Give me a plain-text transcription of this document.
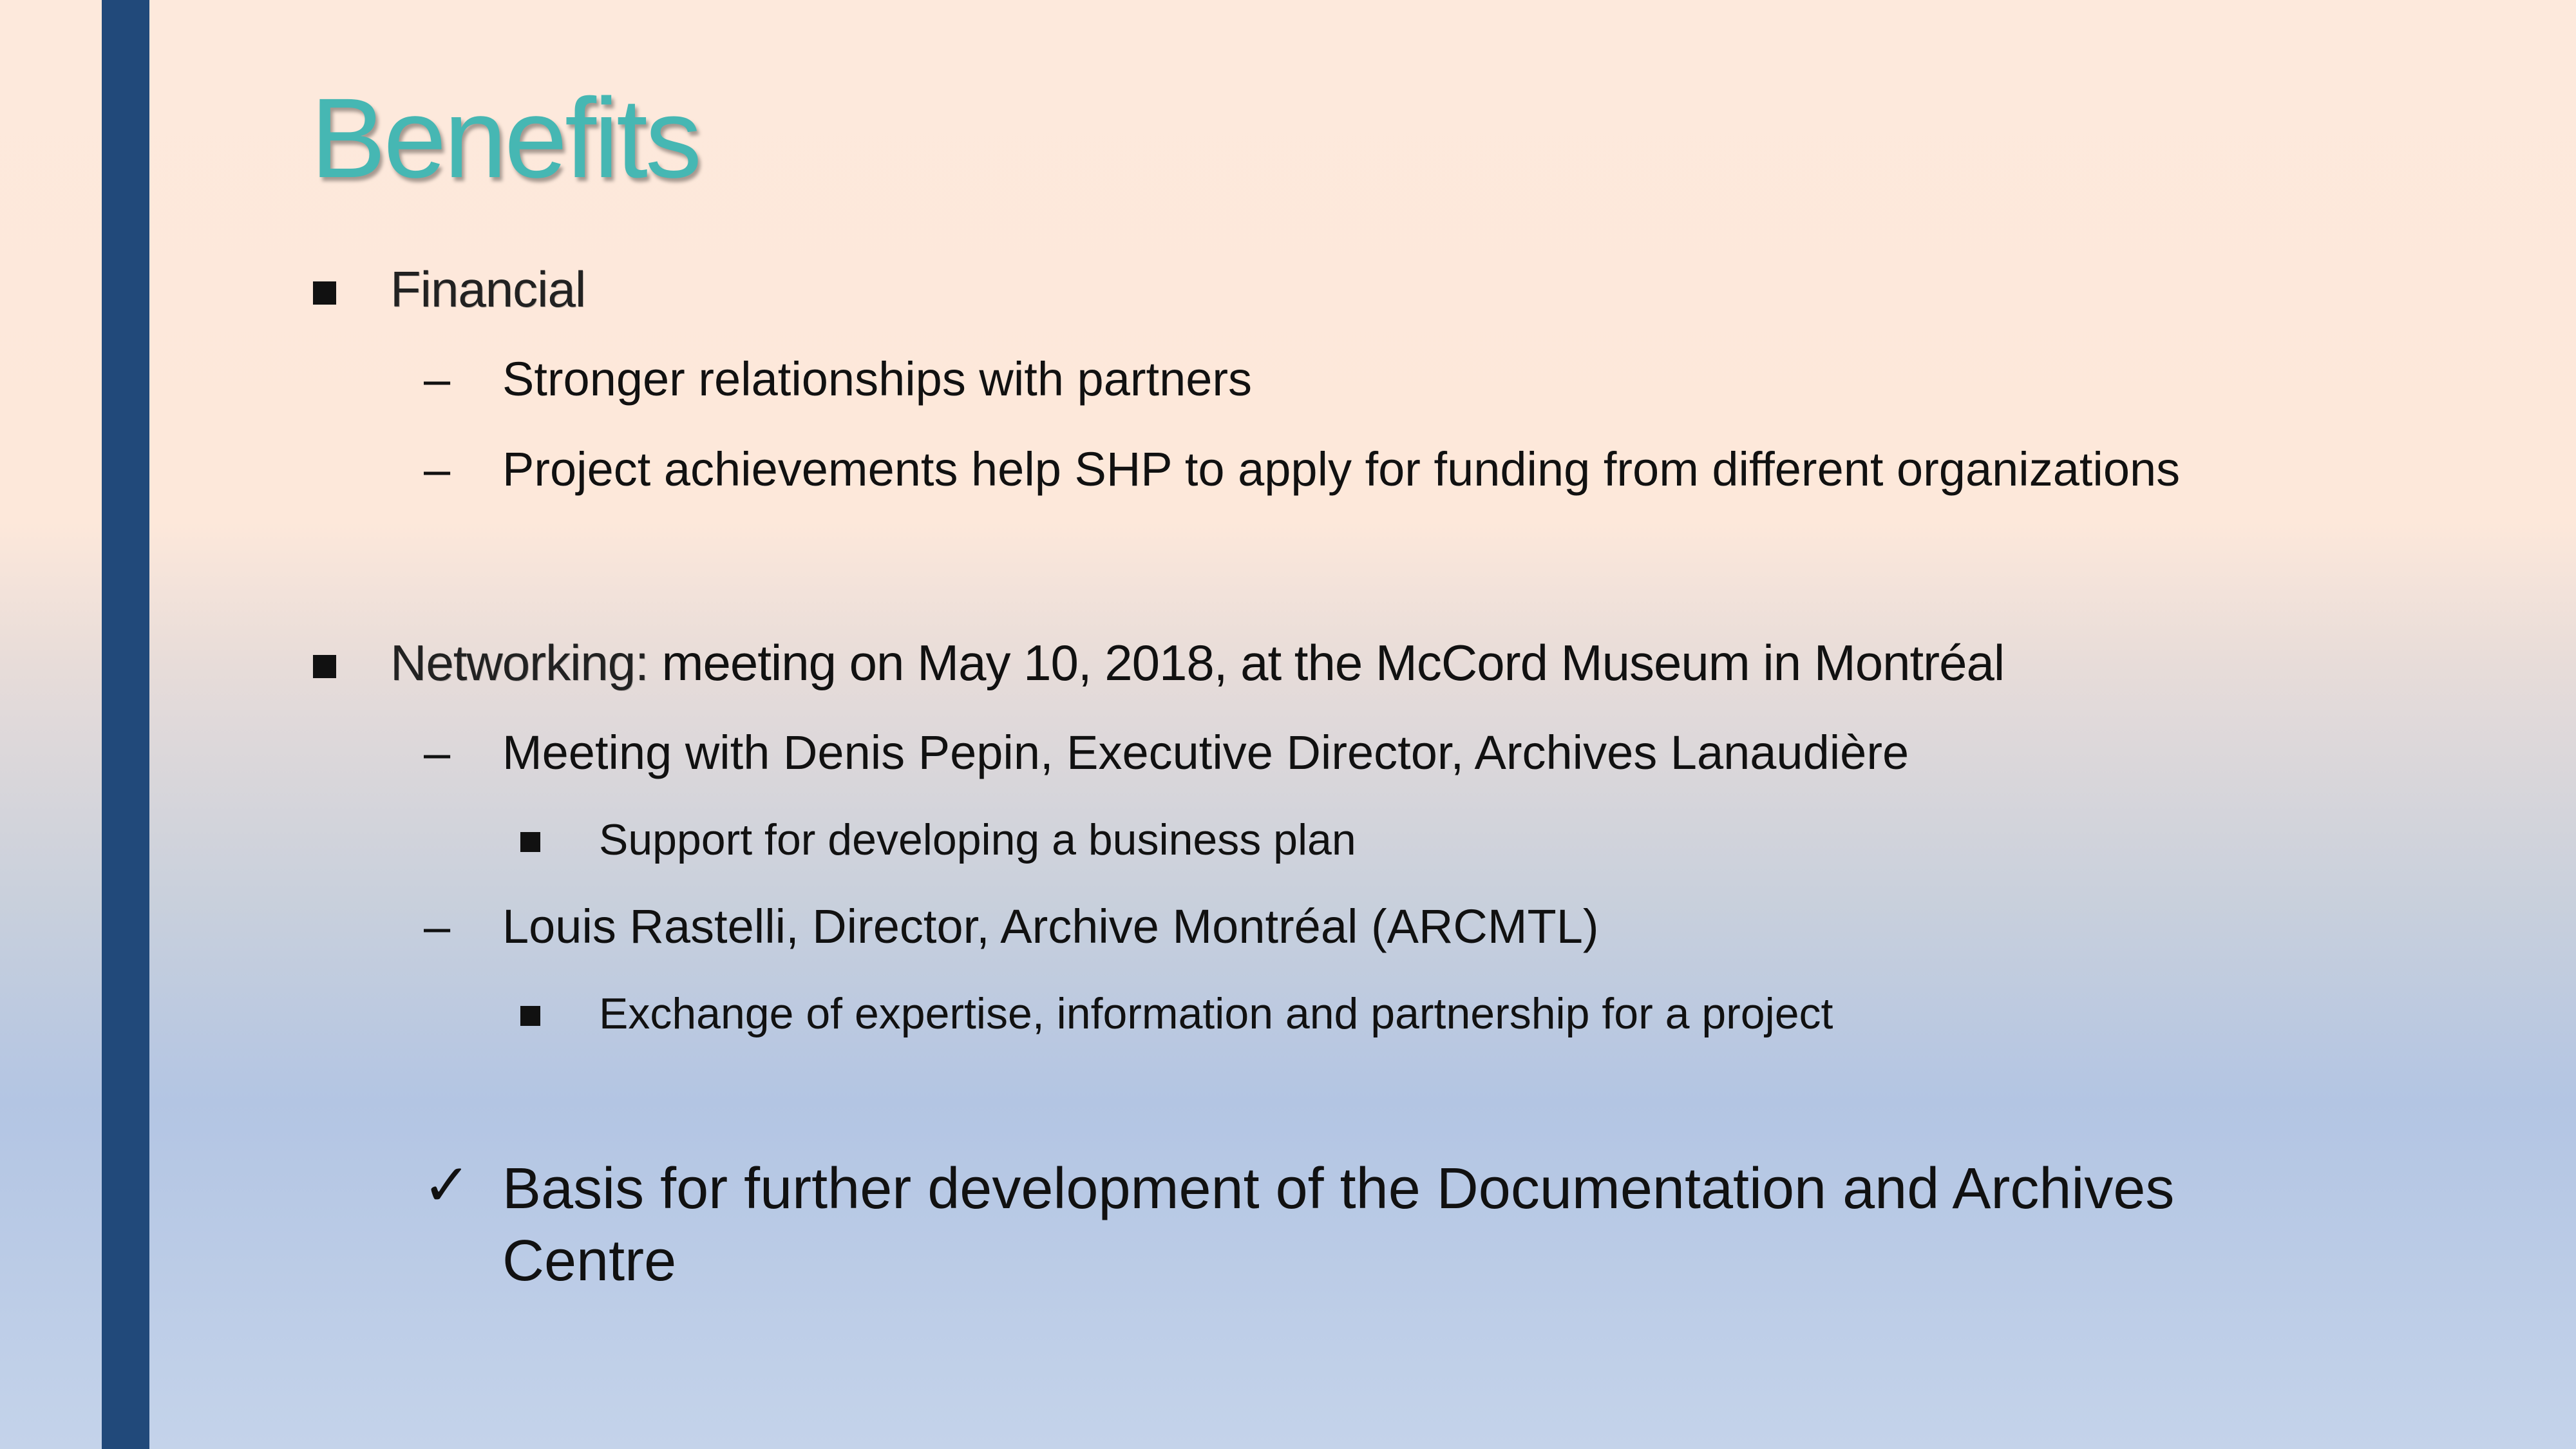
Benefits
Financial
– Stronger relationships with partners
– Project achievements help SHP to apply for funding from different organizations
Networking: meeting on May 10, 2018, at the McCord Museum in Montréal
– Meeting with Denis Pepin, Executive Director, Archives Lanaudière
Support for developing a business plan
– Louis Rastelli, Director, Archive Montréal (ARCMTL)
Exchange of expertise, information and partnership for a project
✓ Basis for further development of the Documentation and Archives
Centre
